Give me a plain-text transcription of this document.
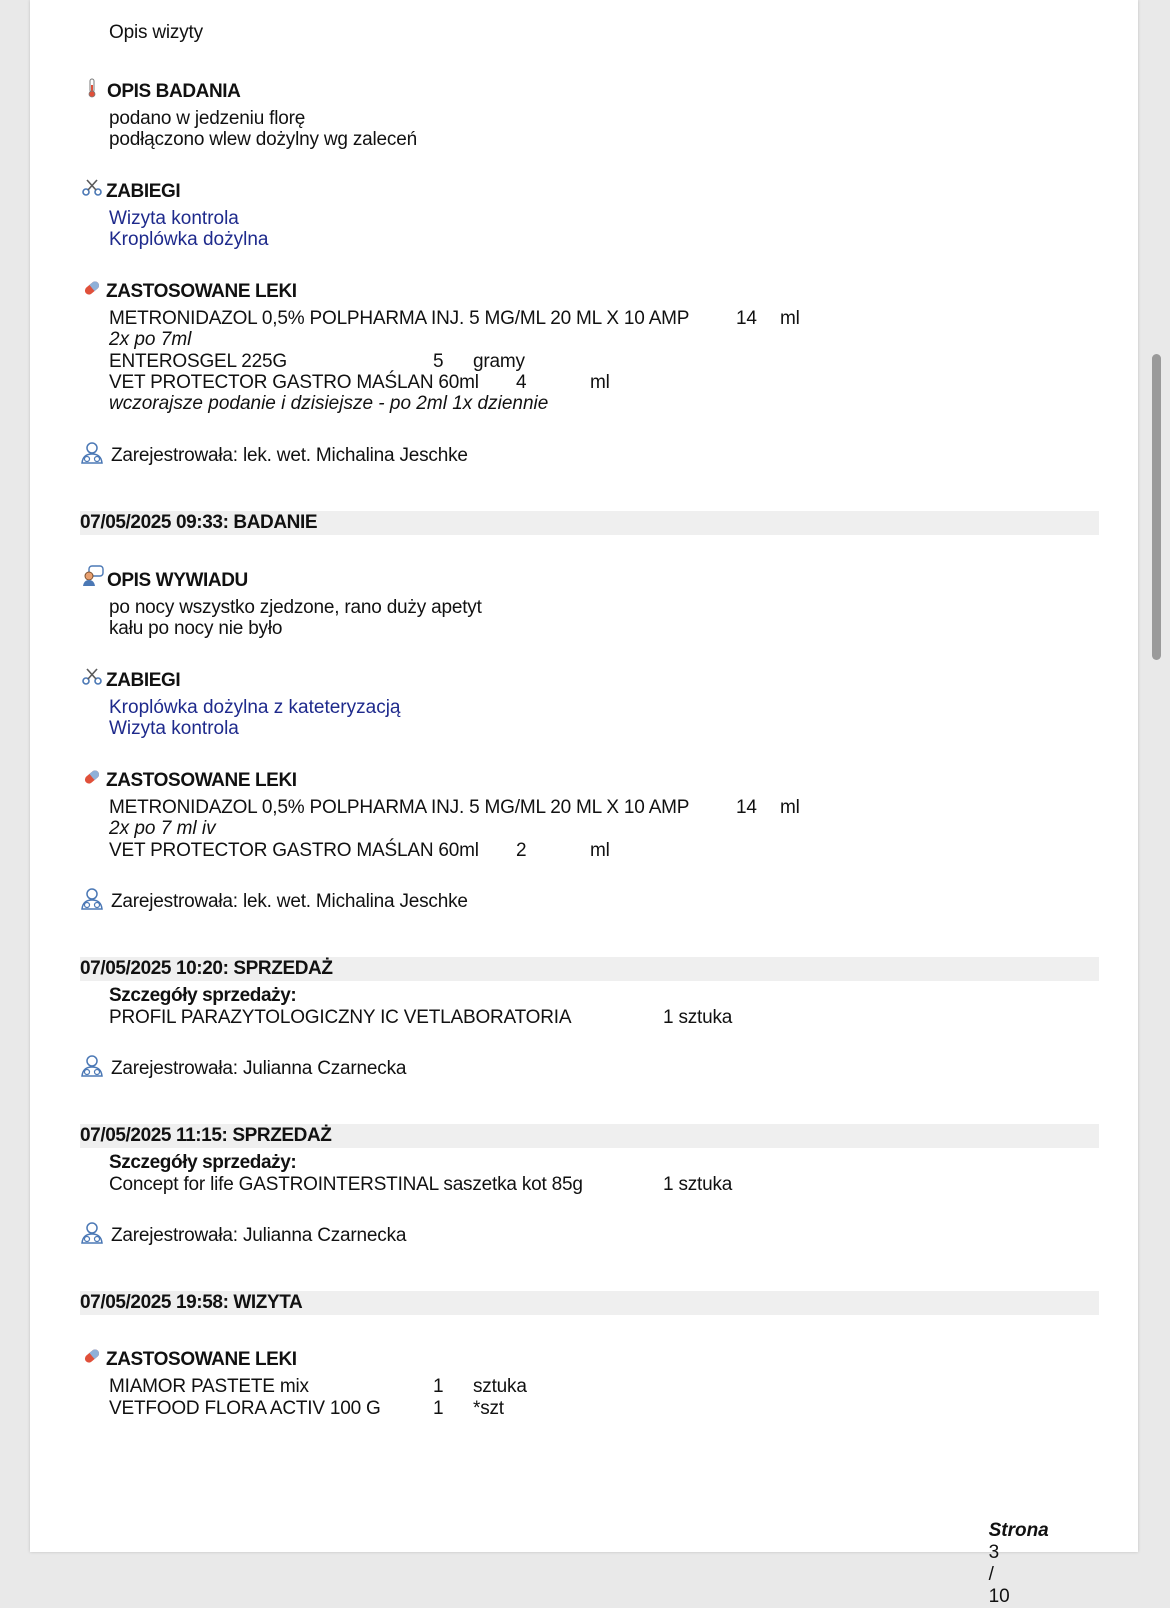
Opis wizyty
OPIS BADANIA
podano w jedzeniu florę
podłączono wlew dożylny wg zaleceń
ZABIEGI
Wizyta kontrola
Kroplówka dożylna
ZASTOSOWANE LEKI
METRONIDAZOL 0,5% POLPHARMA INJ. 5 MG/ML 20 ML X 10 AMP 14 ml
2x po 7ml
ENTEROSGEL 225G	5 gramy
VET PROTECTOR GASTRO MAŚLAN 60ml 4	ml
wczorajsze podanie i dzisiejsze - po 2ml 1x dziennie
Zarejestrowała: lek. wet. Michalina Jeschke
07/05/2025 09:33: BADANIE
OPIS WYWIADU
po nocy wszystko zjedzone, rano duży apetyt
kału po nocy nie było
ZABIEGI
Kroplówka dożylna z kateteryzacją
Wizyta kontrola
ZASTOSOWANE LEKI
METRONIDAZOL 0,5% POLPHARMA INJ. 5 MG/ML 20 ML X 10 AMP 14 ml
2x po 7 ml iv
VET PROTECTOR GASTRO MAŚLAN 60ml 2	ml
Zarejestrowała: lek. wet. Michalina Jeschke
07/05/2025 10:20: SPRZEDAŻ
Szczegóły sprzedaży:
PROFIL PARAZYTOLOGICZNY IC VETLABORATORIA	1 sztuka
Zarejestrowała: Julianna Czarnecka
07/05/2025 11:15: SPRZEDAŻ
Szczegóły sprzedaży:
Concept for life GASTROINTERSTINAL saszetka kot 85g	1 sztuka
Zarejestrowała: Julianna Czarnecka
07/05/2025 19:58: WIZYTA
ZASTOSOWANE LEKI
MIAMOR PASTETE mix	1 sztuka
VETFOOD FLORA ACTIV 100 G	1 *szt

Strona
3
/
10
